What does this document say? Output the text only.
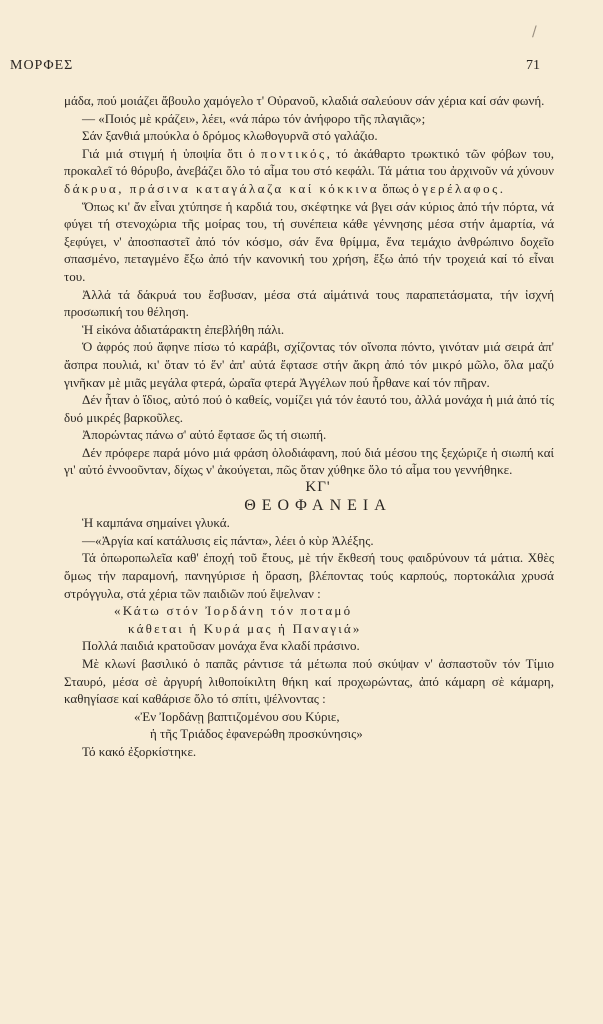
/
ΜΟΡΦΕΣ	71

μάδα, πού μοιάζει ἄβουλο χαμόγελο τ' Οὐρανοῦ, κλαδιά σαλεύουν σάν χέρια καί σάν φωνή.

— «Ποιός μὲ κράζει», λέει, «νά πάρω τόν ἀνήφορο τῆς πλαγιᾶς»;

Σάν ξανθιά μπούκλα ὁ δρόμος κλωθογυρνᾶ στό γαλάζιο.

Γιά μιά στιγμή ἡ ὑποψία ὅτι ὁ ποντικός, τό ἀκάθαρτο τρωκτικό τῶν φόβων του, προκαλεῖ τό θόρυβο, ἀνεβάζει ὅλο τό αἷμα του στό κεφάλι. Τά μάτια του ἀρχινοῦν νά χύνουν δάκρυα, πράσινα καταγάλαζα καί κόκκινα ὅπως ὁ γερέλαφος.

Ὅπως κι' ἄν εἶναι χτύπησε ἡ καρδιά του, σκέφτηκε νά βγει σάν κύριος ἀπό τήν πόρτα, νά φύγει τή στενοχώρια τῆς μοίρας του, τή συνέπεια κάθε γέννησης μέσα στήν ἁμαρτία, νά ξεφύγει, ν' ἀποσπαστεῖ ἀπό τόν κόσμο, σάν ἕνα θρίμμα, ἕνα τεμάχιο ἀνθρώπινο δοχεῖο σπασμένο, πεταγμένο ἔξω ἀπό τήν κανονική του χρήση, ἔξω ἀπό τήν τροχειά καί τό εἶναι του.

Ἀλλά τά δάκρυά του ἔσβυσαν, μέσα στά αἱμάτινά τους παραπετάσματα, τήν ἰσχνή προσωπική του θέληση.

Ἡ εἰκόνα ἀδιατάρακτη ἐπεβλήθη πάλι.

Ὁ ἀφρός πού ἄφηνε πίσω τό καράβι, σχίζοντας τόν οἴνοπα πόντο, γινόταν μιά σειρά ἀπ' ἄσπρα πουλιά, κι' ὅταν τό ἕν' ἀπ' αὐτά ἔφτασε στήν ἄκρη ἀπό τόν μικρό μῶλο, ὅλα μαζύ γινῆκαν μὲ μιᾶς μεγάλα φτερά, ὡραῖα φτερά Ἀγγέλων πού ἦρθανε καί τόν πῆραν.

Δέν ἦταν ὁ ἴδιος, αὐτό πού ὁ καθείς, νομίζει γιά τόν ἑαυτό του, ἀλλά μονάχα ἡ μιά ἀπό τίς δυό μικρές βαρκοῦλες.

Ἀπορώντας πάνω σ' αὐτό ἔφτασε ὥς τή σιωπή.

Δέν πρόφερε παρά μόνο μιά φράση ὁλοδιάφανη, πού διά μέσου της ξεχώριζε ἡ σιωπή καί γι' αὐτό ἐννοοῦνταν, δίχως ν' ἀκούγεται, πῶς ὅταν χύθηκε ὅλο τό αἷμα του γεννήθηκε.

ΚΓ'

ΘΕΟΦΑΝΕΙΑ

Ἡ καμπάνα σημαίνει γλυκά.

—«Ἀργία καί κατάλυσις εἰς πάντα», λέει ὁ κὺρ Ἀλέξης.

Τά ὀπωροπωλεῖα καθ' ἐποχή τοῦ ἔτους, μὲ τήν ἔκθεσή τους φαιδρύνουν τά μάτια. Χθὲς ὅμως τήν παραμονή, πανηγύρισε ἡ ὅραση, βλέποντας τούς καρπούς, πορτοκάλια χρυσά στρόγγυλα, στά χέρια τῶν παιδιῶν πού ἔψελναν :

«Κάτω στόν Ἰορδάνη τόν ποταμό

κάθεται ἡ Κυρά μας ἡ Παναγιά»

Πολλά παιδιά κρατοῦσαν μονάχα ἕνα κλαδί πράσινο.

Μὲ κλωνί βασιλικό ὁ παπᾶς ράντισε τά μέτωπα πού σκύψαν ν' ἀσπαστοῦν τόν Τίμιο Σταυρό, μέσα σὲ ἀργυρή λιθοποίκιλτη θήκη καί προχωρώντας, ἀπό κάμαρη σὲ κάμαρη, καθηγίασε καί καθάρισε ὅλο τό σπίτι, ψέλνοντας :

«Ἐν Ἰορδάνῃ βαπτιζομένου σου Κύριε,

ἡ τῆς Τριάδος ἐφανερώθη προσκύνησις»

Τό κακό ἐξορκίστηκε.
